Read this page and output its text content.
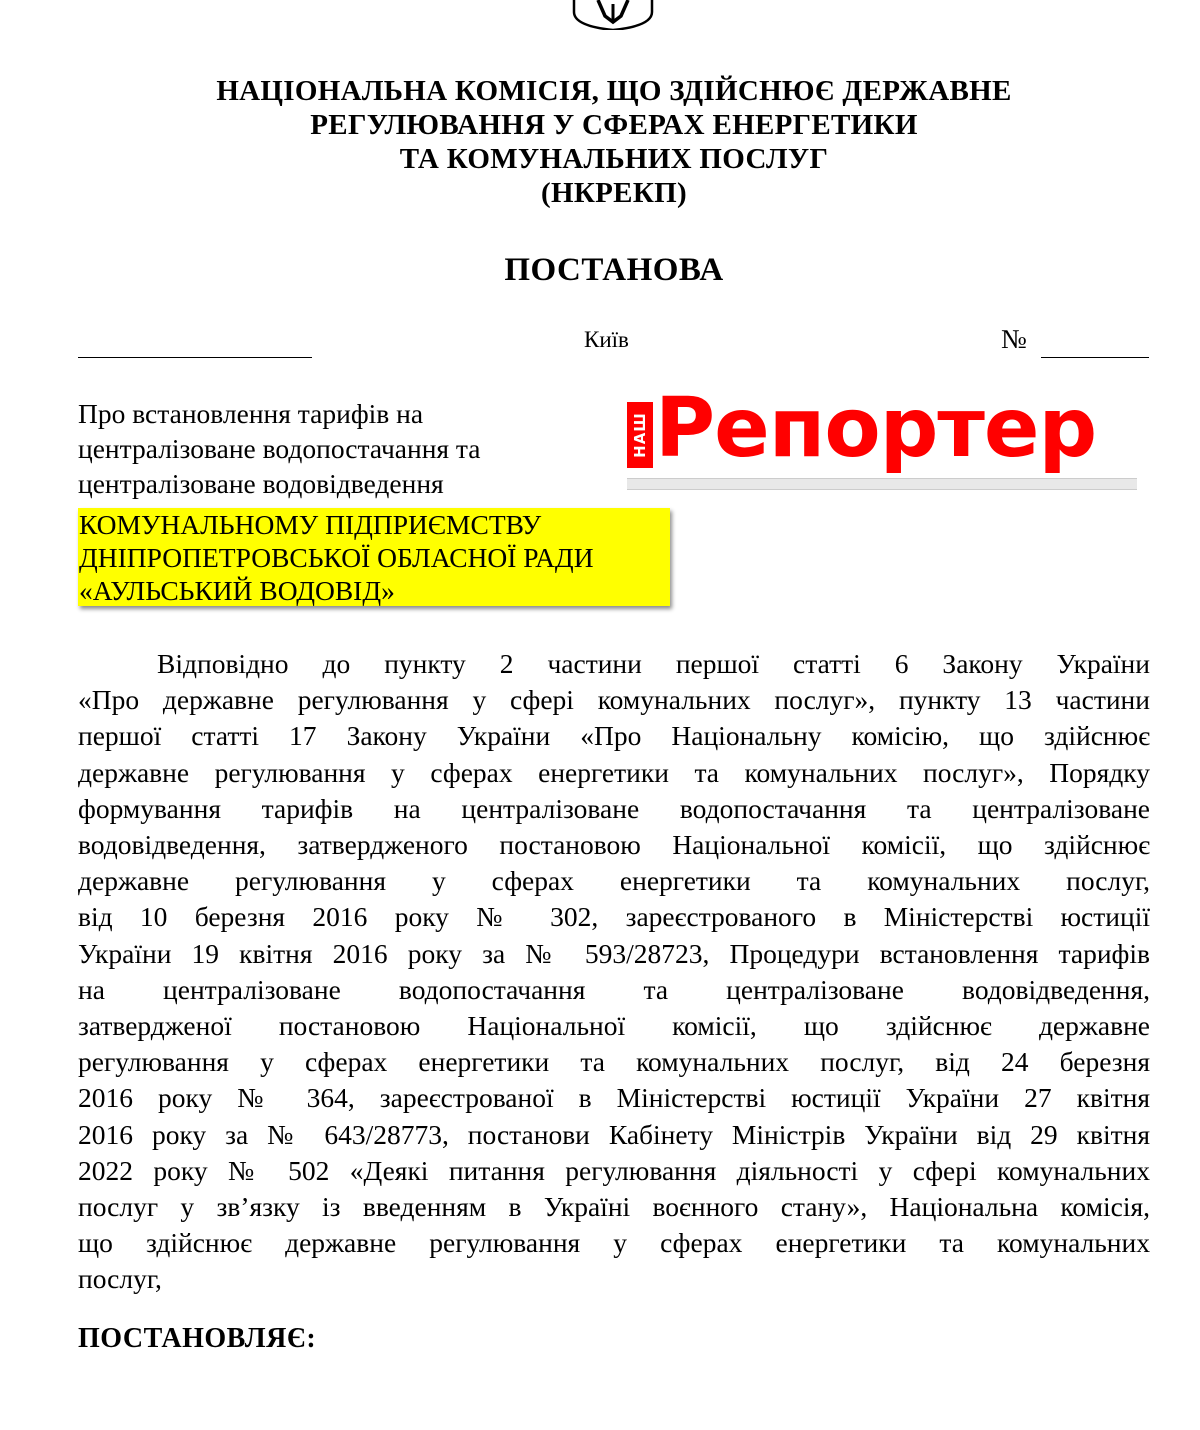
НАЦІОНАЛЬНА КОМІСІЯ, ЩО ЗДІЙСНЮЄ ДЕРЖАВНЕ
РЕГУЛЮВАННЯ У СФЕРАХ ЕНЕРГЕТИКИ
ТА КОМУНАЛЬНИХ ПОСЛУГ
(НКРЕКП)
ПОСТАНОВА
Київ	№
Про встановлення тарифів на
централізоване водопостачання та
централізоване водовідведення
КОМУНАЛЬНОМУ ПІДПРИЄМСТВУ
ДНІПРОПЕТРОВСЬКОЇ ОБЛАСНОЇ РАДИ
«АУЛЬСЬКИЙ ВОДОВІД»
НАШ Репортер
Відповідно до пункту 2 частини першої статті 6 Закону України
«Про державне регулювання у сфері комунальних послуг», пункту 13 частини
першої статті 17 Закону України «Про Національну комісію, що здійснює
державне регулювання у сферах енергетики та комунальних послуг», Порядку
формування тарифів на централізоване водопостачання та централізоване
водовідведення, затвердженого постановою Національної комісії, що здійснює
державне регулювання у сферах енергетики та комунальних послуг,
від 10 березня 2016 року № 302, зареєстрованого в Міністерстві юстиції
України 19 квітня 2016 року за № 593/28723, Процедури встановлення тарифів
на централізоване водопостачання та централізоване водовідведення,
затвердженої постановою Національної комісії, що здійснює державне
регулювання у сферах енергетики та комунальних послуг, від 24 березня
2016 року № 364, зареєстрованої в Міністерстві юстиції України 27 квітня
2016 року за № 643/28773, постанови Кабінету Міністрів України від 29 квітня
2022 року № 502 «Деякі питання регулювання діяльності у сфері комунальних
послуг у зв’язку із введенням в Україні воєнного стану», Національна комісія,
що здійснює державне регулювання у сферах енергетики та комунальних
послуг,
ПОСТАНОВЛЯЄ:
